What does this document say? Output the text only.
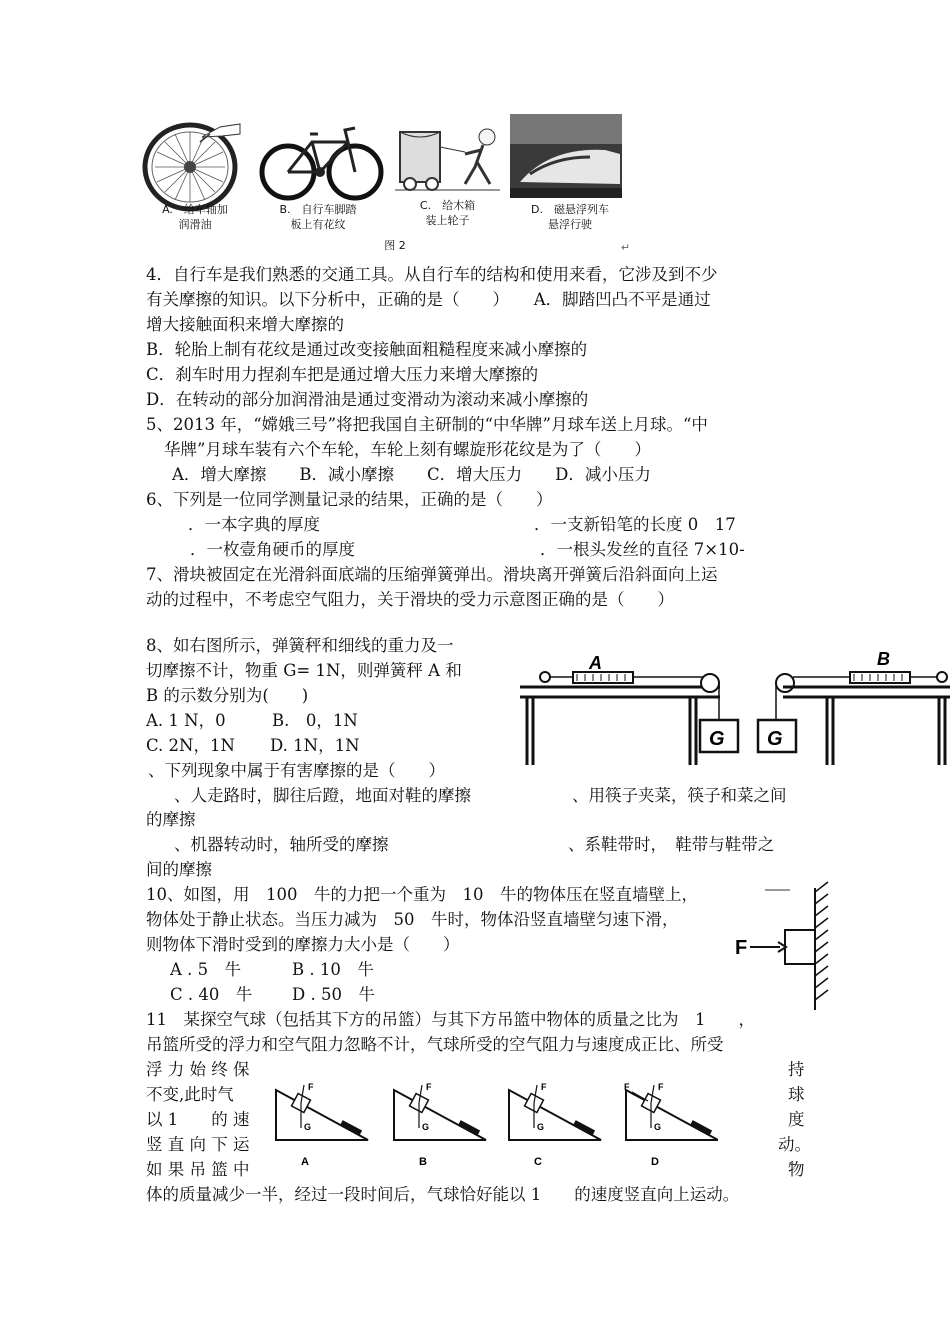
A.　给车轴加
润滑油
B.　自行车脚踏
板上有花纹
C.　给木箱
装上轮子
D.　磁悬浮列车
悬浮行驶
图 2	↵
4．自行车是我们熟悉的交通工具。从自行车的结构和使用来看，它涉及到不少
有关摩擦的知识。以下分析中，正确的是（　　）　　A．脚踏凹凸不平是通过
增大接触面积来增大摩擦的
B．轮胎上制有花纹是通过改变接触面粗糙程度来减小摩擦的
C．刹车时用力捏刹车把是通过增大压力来增大摩擦的
D．在转动的部分加润滑油是通过变滑动为滚动来减小摩擦的
5、2013 年，“嫦娥三号”将把我国自主研制的“中华牌”月球车送上月球。“中
华牌”月球车装有六个车轮，车轮上刻有螺旋形花纹是为了（　　）
A．增大摩擦　　B．减小摩擦　　C．增大压力　　D．减小压力
6、下列是一位同学测量记录的结果，正确的是（　　）
．一本字典的厚度	．一支新铅笔的长度 0　17
．一枚壹角硬币的厚度	．一根头发丝的直径 7×10-
7、滑块被固定在光滑斜面底端的压缩弹簧弹出。滑块离开弹簧后沿斜面向上运
动的过程中，不考虑空气阻力，关于滑块的受力示意图正确的是（　　）
8、如右图所示，弹簧秤和细线的重力及一
切摩擦不计，物重 G= 1N，则弹簧秤 A 和
B 的示数分别为(　　)
A. 1 N，0	B.　0，1N
C. 2N，1N D. 1N，1N
、下列现象中属于有害摩擦的是（　　）
、人走路时，脚往后蹬，地面对鞋的摩擦	、用筷子夹菜，筷子和菜之间
的摩擦
、机器转动时，轴所受的摩擦	、系鞋带时，　鞋带与鞋带之
间的摩擦
10、如图，用　100　牛的力把一个重为　10　牛的物体压在竖直墙壁上，
物体处于静止状态。当压力减为　50　牛时，物体沿竖直墙壁匀速下滑，
则物体下滑时受到的摩擦力大小是（　　）
A . 5　牛	B . 10　牛
C . 40　牛 D . 50　牛
11　某探空气球（包括其下方的吊篮）与其下方吊篮中物体的质量之比为　1　　，
吊篮所受的浮力和空气阻力忽略不计，气球所受的空气阻力与速度成正比、所受
浮 力 始 终 保	持
不变,此时气	球
以 1　　的 速	度
竖 直 向 下 运	动。
如 果 吊 篮 中	物
体的质量减少一半，经过一段时间后，气球恰好能以 1　　的速度竖直向上运动。
G
A
G
B
F
F
G
A
F
G
B
F
G
C
F	F
G
D
